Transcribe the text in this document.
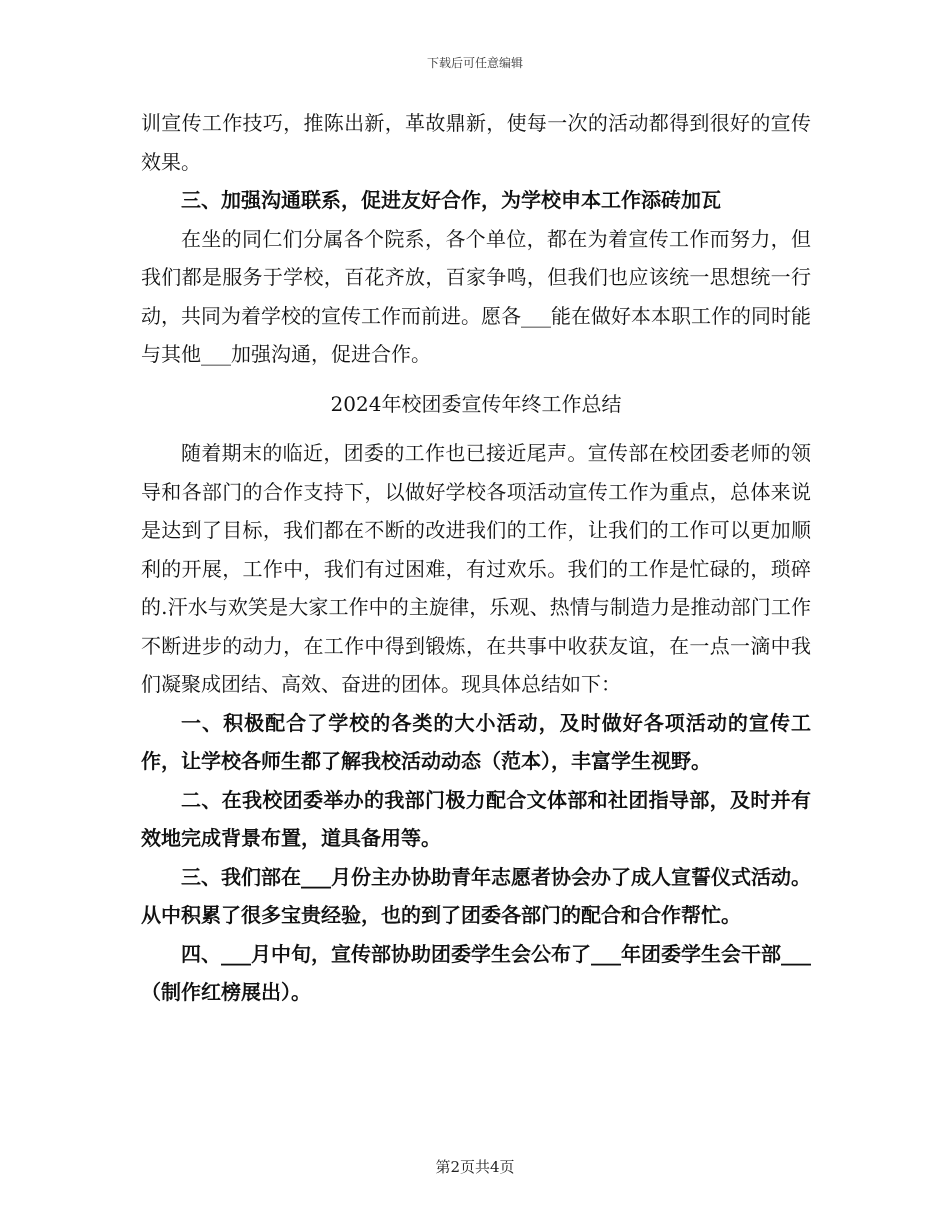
下载后可任意编辑

训宣传工作技巧，推陈出新，革故鼎新，使每一次的活动都得到很好的宣传效果。

三、加强沟通联系，促进友好合作，为学校申本工作添砖加瓦

在坐的同仁们分属各个院系，各个单位，都在为着宣传工作而努力，但我们都是服务于学校，百花齐放，百家争鸣，但我们也应该统一思想统一行动，共同为着学校的宣传工作而前进。愿各___能在做好本本职工作的同时能与其他___加强沟通，促进合作。

2024年校团委宣传年终工作总结

随着期末的临近，团委的工作也已接近尾声。宣传部在校团委老师的领导和各部门的合作支持下，以做好学校各项活动宣传工作为重点，总体来说是达到了目标，我们都在不断的改进我们的工作，让我们的工作可以更加顺利的开展，工作中，我们有过困难，有过欢乐。我们的工作是忙碌的，琐碎的.汗水与欢笑是大家工作中的主旋律，乐观、热情与制造力是推动部门工作不断进步的动力，在工作中得到锻炼，在共事中收获友谊，在一点一滴中我们凝聚成团结、高效、奋进的团体。现具体总结如下：

一、积极配合了学校的各类的大小活动，及时做好各项活动的宣传工作，让学校各师生都了解我校活动动态（范本），丰富学生视野。

二、在我校团委举办的我部门极力配合文体部和社团指导部，及时并有效地完成背景布置，道具备用等。

三、我们部在___月份主办协助青年志愿者协会办了成人宣誓仪式活动。从中积累了很多宝贵经验，也的到了团委各部门的配合和合作帮忙。

四、___月中旬，宣传部协助团委学生会公布了___年团委学生会干部___（制作红榜展出）。

第2页共4页
